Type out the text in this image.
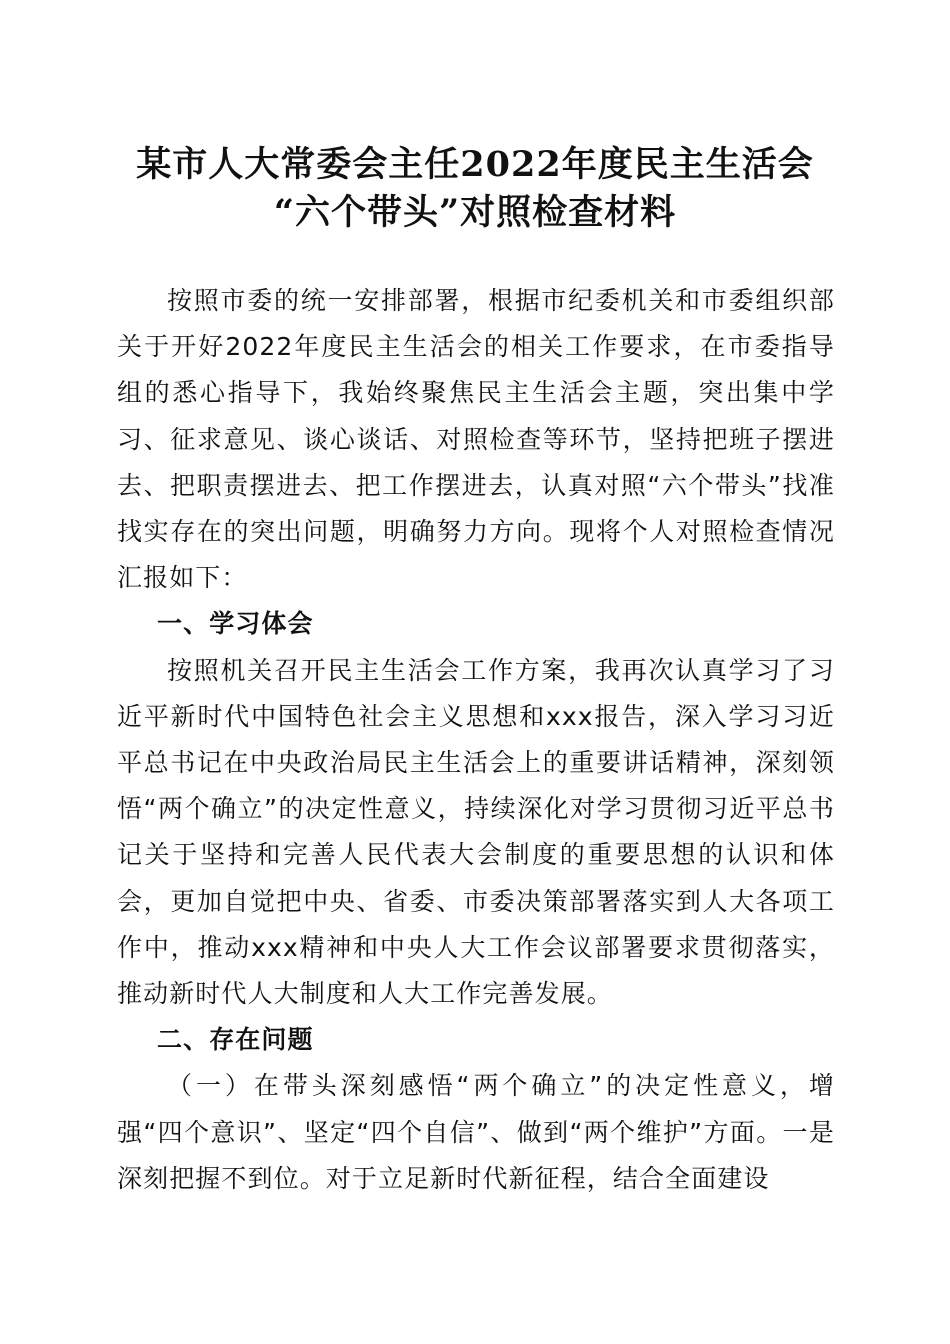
某市人大常委会主任2022年度民主生活会
“六个带头”对照检查材料

按照市委的统一安排部署，根据市纪委机关和市委组织部关于开好2022年度民主生活会的相关工作要求，在市委指导组的悉心指导下，我始终聚焦民主生活会主题，突出集中学习、征求意见、谈心谈话、对照检查等环节，坚持把班子摆进去、把职责摆进去、把工作摆进去，认真对照“六个带头”找准找实存在的突出问题，明确努力方向。现将个人对照检查情况汇报如下：

一、学习体会

按照机关召开民主生活会工作方案，我再次认真学习了习近平新时代中国特色社会主义思想和xxx报告，深入学习习近平总书记在中央政治局民主生活会上的重要讲话精神，深刻领悟“两个确立”的决定性意义，持续深化对学习贯彻习近平总书记关于坚持和完善人民代表大会制度的重要思想的认识和体会，更加自觉把中央、省委、市委决策部署落实到人大各项工作中，推动xxx精神和中央人大工作会议部署要求贯彻落实，推动新时代人大制度和人大工作完善发展。

二、存在问题

（一）在带头深刻感悟“两个确立”的决定性意义，增强“四个意识”、坚定“四个自信”、做到“两个维护”方面。一是深刻把握不到位。对于立足新时代新征程，结合全面建设
